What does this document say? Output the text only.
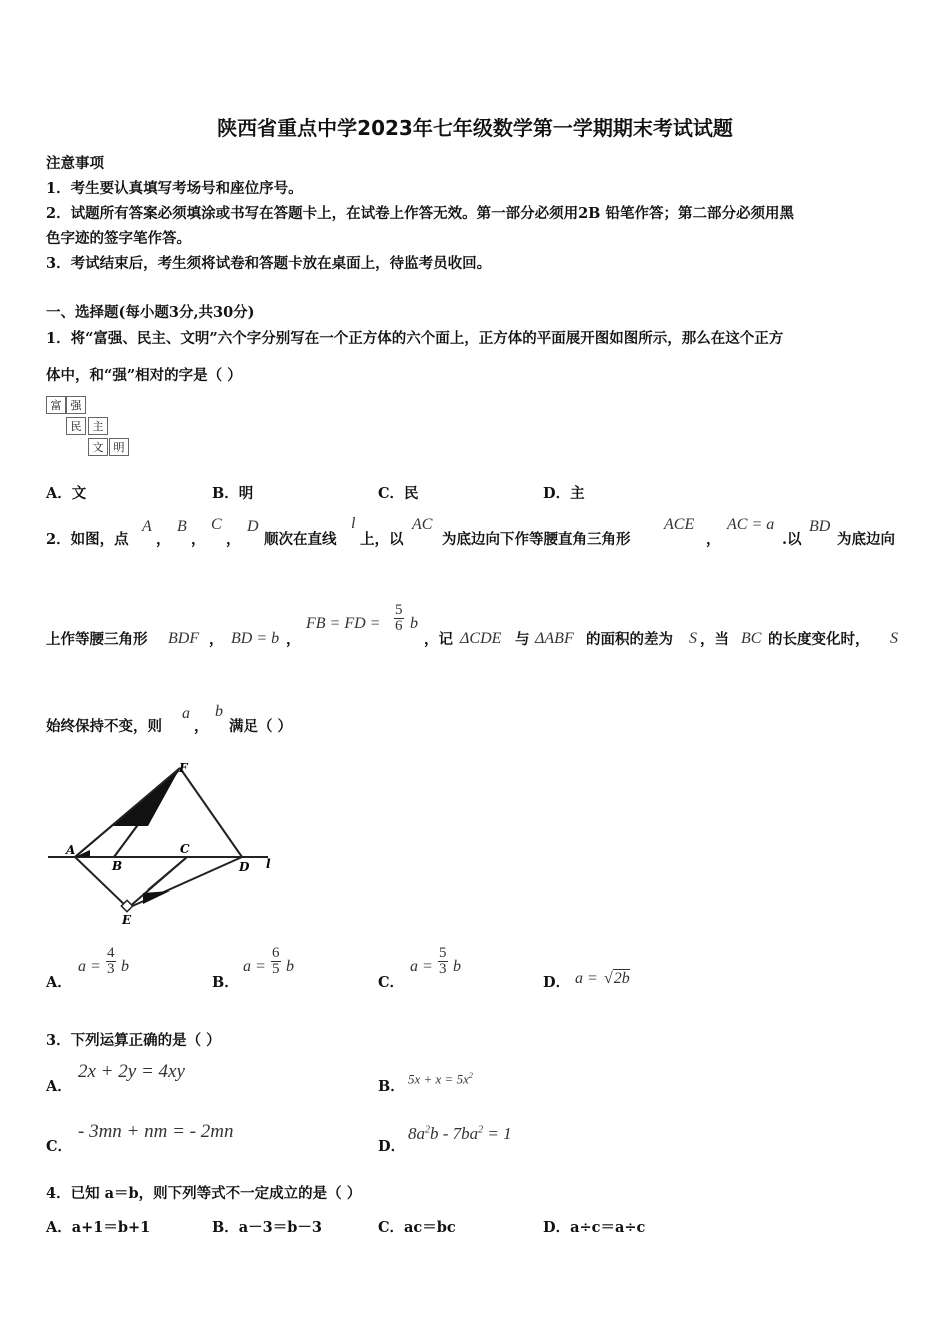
陕西省重点中学2023年七年级数学第一学期期末考试试题
注意事项
1．考生要认真填写考场号和座位序号。
2．试题所有答案必须填涂或书写在答题卡上，在试卷上作答无效。第一部分必须用2B 铅笔作答；第二部分必须用黑
色字迹的签字笔作答。
3．考试结束后，考生须将试卷和答题卡放在桌面上，待监考员收回。
一、选择题(每小题3分,共30分)
1．将“富强、民主、文明”六个字分别写在一个正方体的六个面上，正方体的平面展开图如图所示，那么在这个正方
体中，和“强”相对的字是（ ）
富 强
民	主
文 明
A．文	B．明	C．民	D．主
2．如图，点
A
，
B
，
C
，
D
顺次在直线
l
上，以
AC
为底边向下作等腰直角三角形
ACE
，
AC = a
.以
BD
为底边向
上作等腰三角形 BDF ， BD = b ，
FB = FD = $\frac{5}{6}$ b
，记 ΔCDE 与 ΔABF 的面积的差为 S ，当 BC 的长度变化时， S
始终保持不变，则
a
，
b
满足（ ）
F
A
B
C
D l
E
A．
$a = \frac{4}{3}$ b
B．
$a = \frac{6}{5}$ b
C．
$a = \frac{5}{3}$ b
D． a = √2b
3．下列运算正确的是（ ）
A．
2x + 2y = 4xy
B． $5x + x = 5x^2$
C．
- 3mn + nm = - 2mn
D．
$8a^2b - 7ba^2 = 1$
4．已知 a＝b，则下列等式不一定成立的是（ ）
A．a+1＝b+1	B．a－3＝b－3	C．ac＝bc	D．a÷c＝a÷c
